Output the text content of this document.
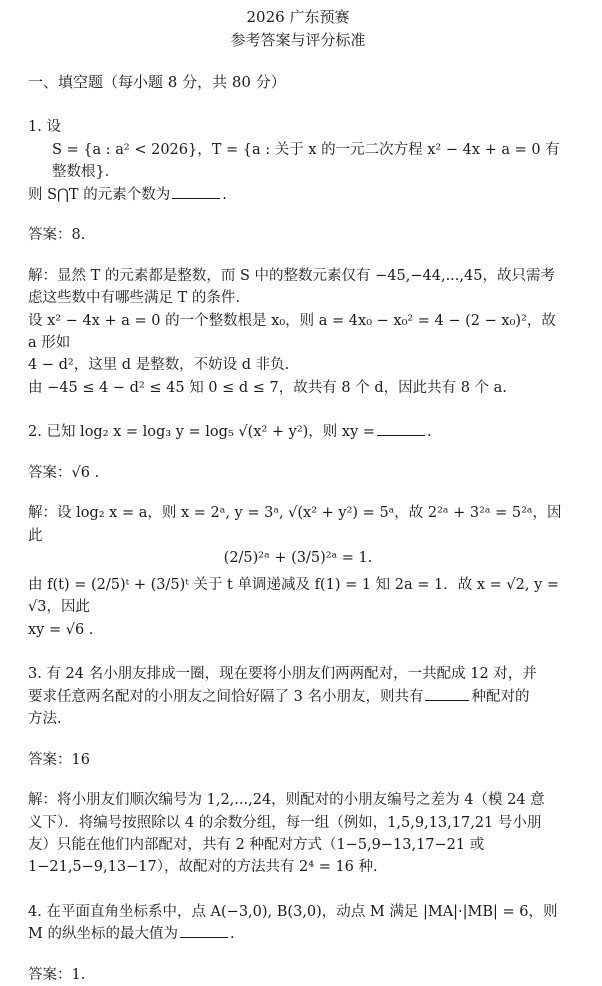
2026 广东预赛
参考答案与评分标准
一、填空题（每小题 8 分，共 80 分）

1. 设

S = {a : a² < 2026}，T = {a : 关于 x 的一元二次方程 x² − 4x + a = 0 有整数根}．

则 S⋂T 的元素个数为	.

答案：8.

解：显然 T 的元素都是整数，而 S 中的整数元素仅有 −45,−44,...,45，故只需考

虑这些数中有哪些满足 T 的条件.

设 x² − 4x + a = 0 的一个整数根是 x₀，则 a = 4x₀ − x₀² = 4 − (2 − x₀)²，故 a 形如

4 − d²，这里 d 是整数，不妨设 d 非负.

由 −45 ≤ 4 − d² ≤ 45 知 0 ≤ d ≤ 7，故共有 8 个 d，因此共有 8 个 a.

2. 已知 log₂ x = log₃ y = log₅ √(x² + y²)，则 xy =	.

答案：√6 .

解：设 log₂ x = a，则 x = 2ᵃ, y = 3ᵃ, √(x² + y²) = 5ᵃ，故 2²ᵃ + 3²ᵃ = 5²ᵃ，因此

(2/5)²ᵃ + (3/5)²ᵃ = 1.

由 f(t) = (2/5)ᵗ + (3/5)ᵗ 关于 t 单调递减及 f(1) = 1 知 2a = 1．故 x = √2, y = √3，因此

xy = √6 .

3. 有 24 名小朋友排成一圈，现在要将小朋友们两两配对，一共配成 12 对，并

要求任意两名配对的小朋友之间恰好隔了 3 名小朋友，则共有	种配对的

方法.

答案：16

解：将小朋友们顺次编号为 1,2,...,24，则配对的小朋友编号之差为 4（模 24 意

义下）．将编号按照除以 4 的余数分组，每一组（例如，1,5,9,13,17,21 号小朋

友）只能在他们内部配对，共有 2 种配对方式（1−5,9−13,17−21 或

1−21,5−9,13−17），故配对的方法共有 2⁴ = 16 种.

4. 在平面直角坐标系中，点 A(−3,0), B(3,0)，动点 M 满足 |MA|·|MB| = 6，则

M 的纵坐标的最大值为	.

答案：1.
